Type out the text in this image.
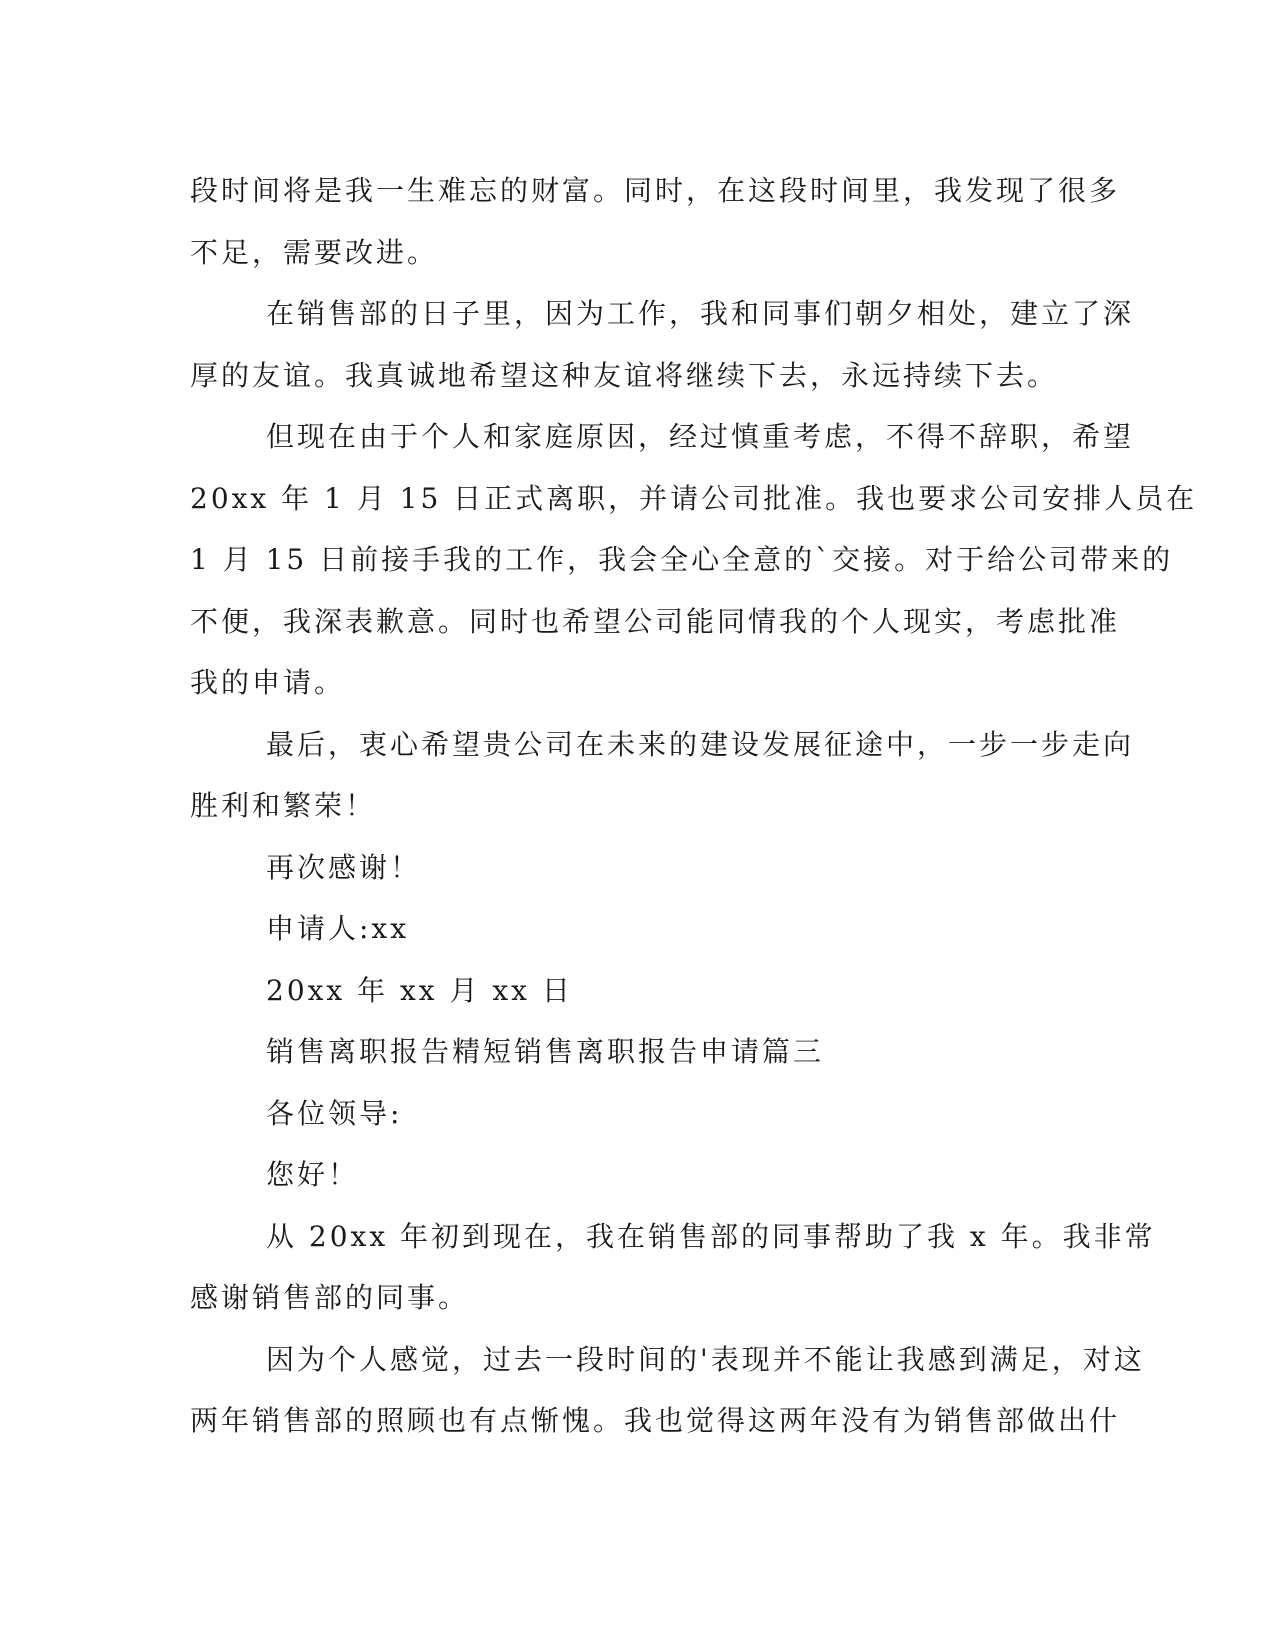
段时间将是我一生难忘的财富。同时，在这段时间里，我发现了很多
不足，需要改进。

在销售部的日子里，因为工作，我和同事们朝夕相处，建立了深
厚的友谊。我真诚地希望这种友谊将继续下去，永远持续下去。

但现在由于个人和家庭原因，经过慎重考虑，不得不辞职，希望
20xx 年 1 月 15 日正式离职，并请公司批准。我也要求公司安排人员在
1 月 15 日前接手我的工作，我会全心全意的`交接。对于给公司带来的
不便，我深表歉意。同时也希望公司能同情我的个人现实，考虑批准
我的申请。

最后，衷心希望贵公司在未来的建设发展征途中，一步一步走向
胜利和繁荣！

再次感谢！

申请人:xx

20xx 年 xx 月 xx 日

销售离职报告精短销售离职报告申请篇三

各位领导:

您好！

从 20xx 年初到现在，我在销售部的同事帮助了我 x 年。我非常
感谢销售部的同事。

因为个人感觉，过去一段时间的'表现并不能让我感到满足，对这
两年销售部的照顾也有点惭愧。我也觉得这两年没有为销售部做出什
